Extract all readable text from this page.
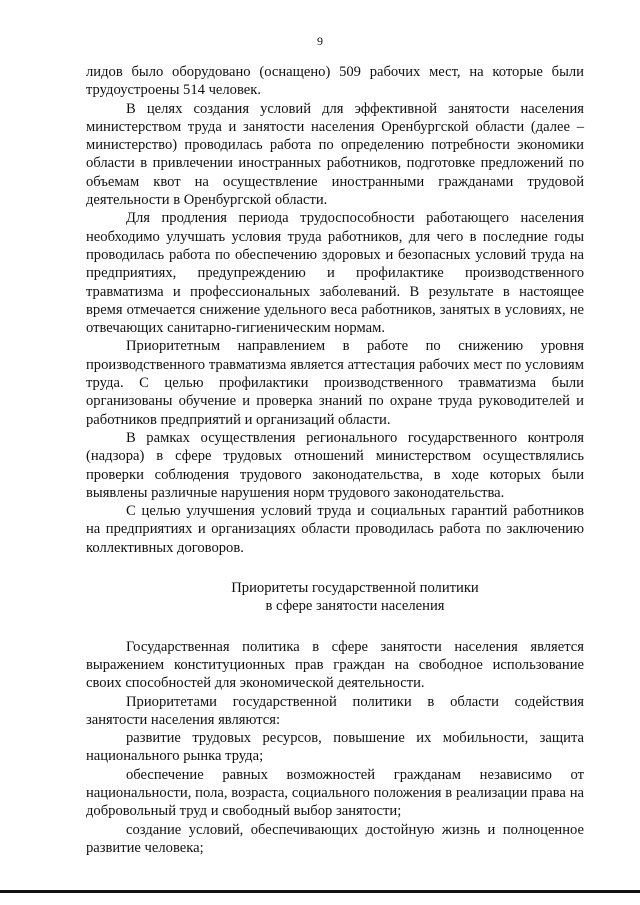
9

лидов было оборудовано (оснащено) 509 рабочих мест, на которые были трудоустроены 514 человек.

В целях создания условий для эффективной занятости населения министерством труда и занятости населения Оренбургской области (далее – министерство) проводилась работа по определению потребности экономики области в привлечении иностранных работников, подготовке предложений по объемам квот на осуществление иностранными гражданами трудовой деятельности в Оренбургской области.

Для продления периода трудоспособности работающего населения необходимо улучшать условия труда работников, для чего в последние годы проводилась работа по обеспечению здоровых и безопасных условий труда на предприятиях, предупреждению и профилактике производственного травматизма и профессиональных заболеваний. В результате в настоящее время отмечается снижение удельного веса работников, занятых в условиях, не отвечающих санитарно-гигиеническим нормам.

Приоритетным направлением в работе по снижению уровня производственного травматизма является аттестация рабочих мест по условиям труда. С целью профилактики производственного травматизма были организованы обучение и проверка знаний по охране труда руководителей и работников предприятий и организаций области.

В рамках осуществления регионального государственного контроля (надзора) в сфере трудовых отношений министерством осуществлялись проверки соблюдения трудового законодательства, в ходе которых были выявлены различные нарушения норм трудового законодательства.

С целью улучшения условий труда и социальных гарантий работников на предприятиях и организациях области проводилась работа по заключению коллективных договоров.

Приоритеты государственной политики
в сфере занятости населения

Государственная политика в сфере занятости населения является выражением конституционных прав граждан на свободное использование своих способностей для экономической деятельности.

Приоритетами государственной политики в области содействия занятости населения являются:

развитие трудовых ресурсов, повышение их мобильности, защита национального рынка труда;

обеспечение равных возможностей гражданам независимо от национальности, пола, возраста, социального положения в реализации права на добровольный труд и свободный выбор занятости;

создание условий, обеспечивающих достойную жизнь и полноценное развитие человека;
